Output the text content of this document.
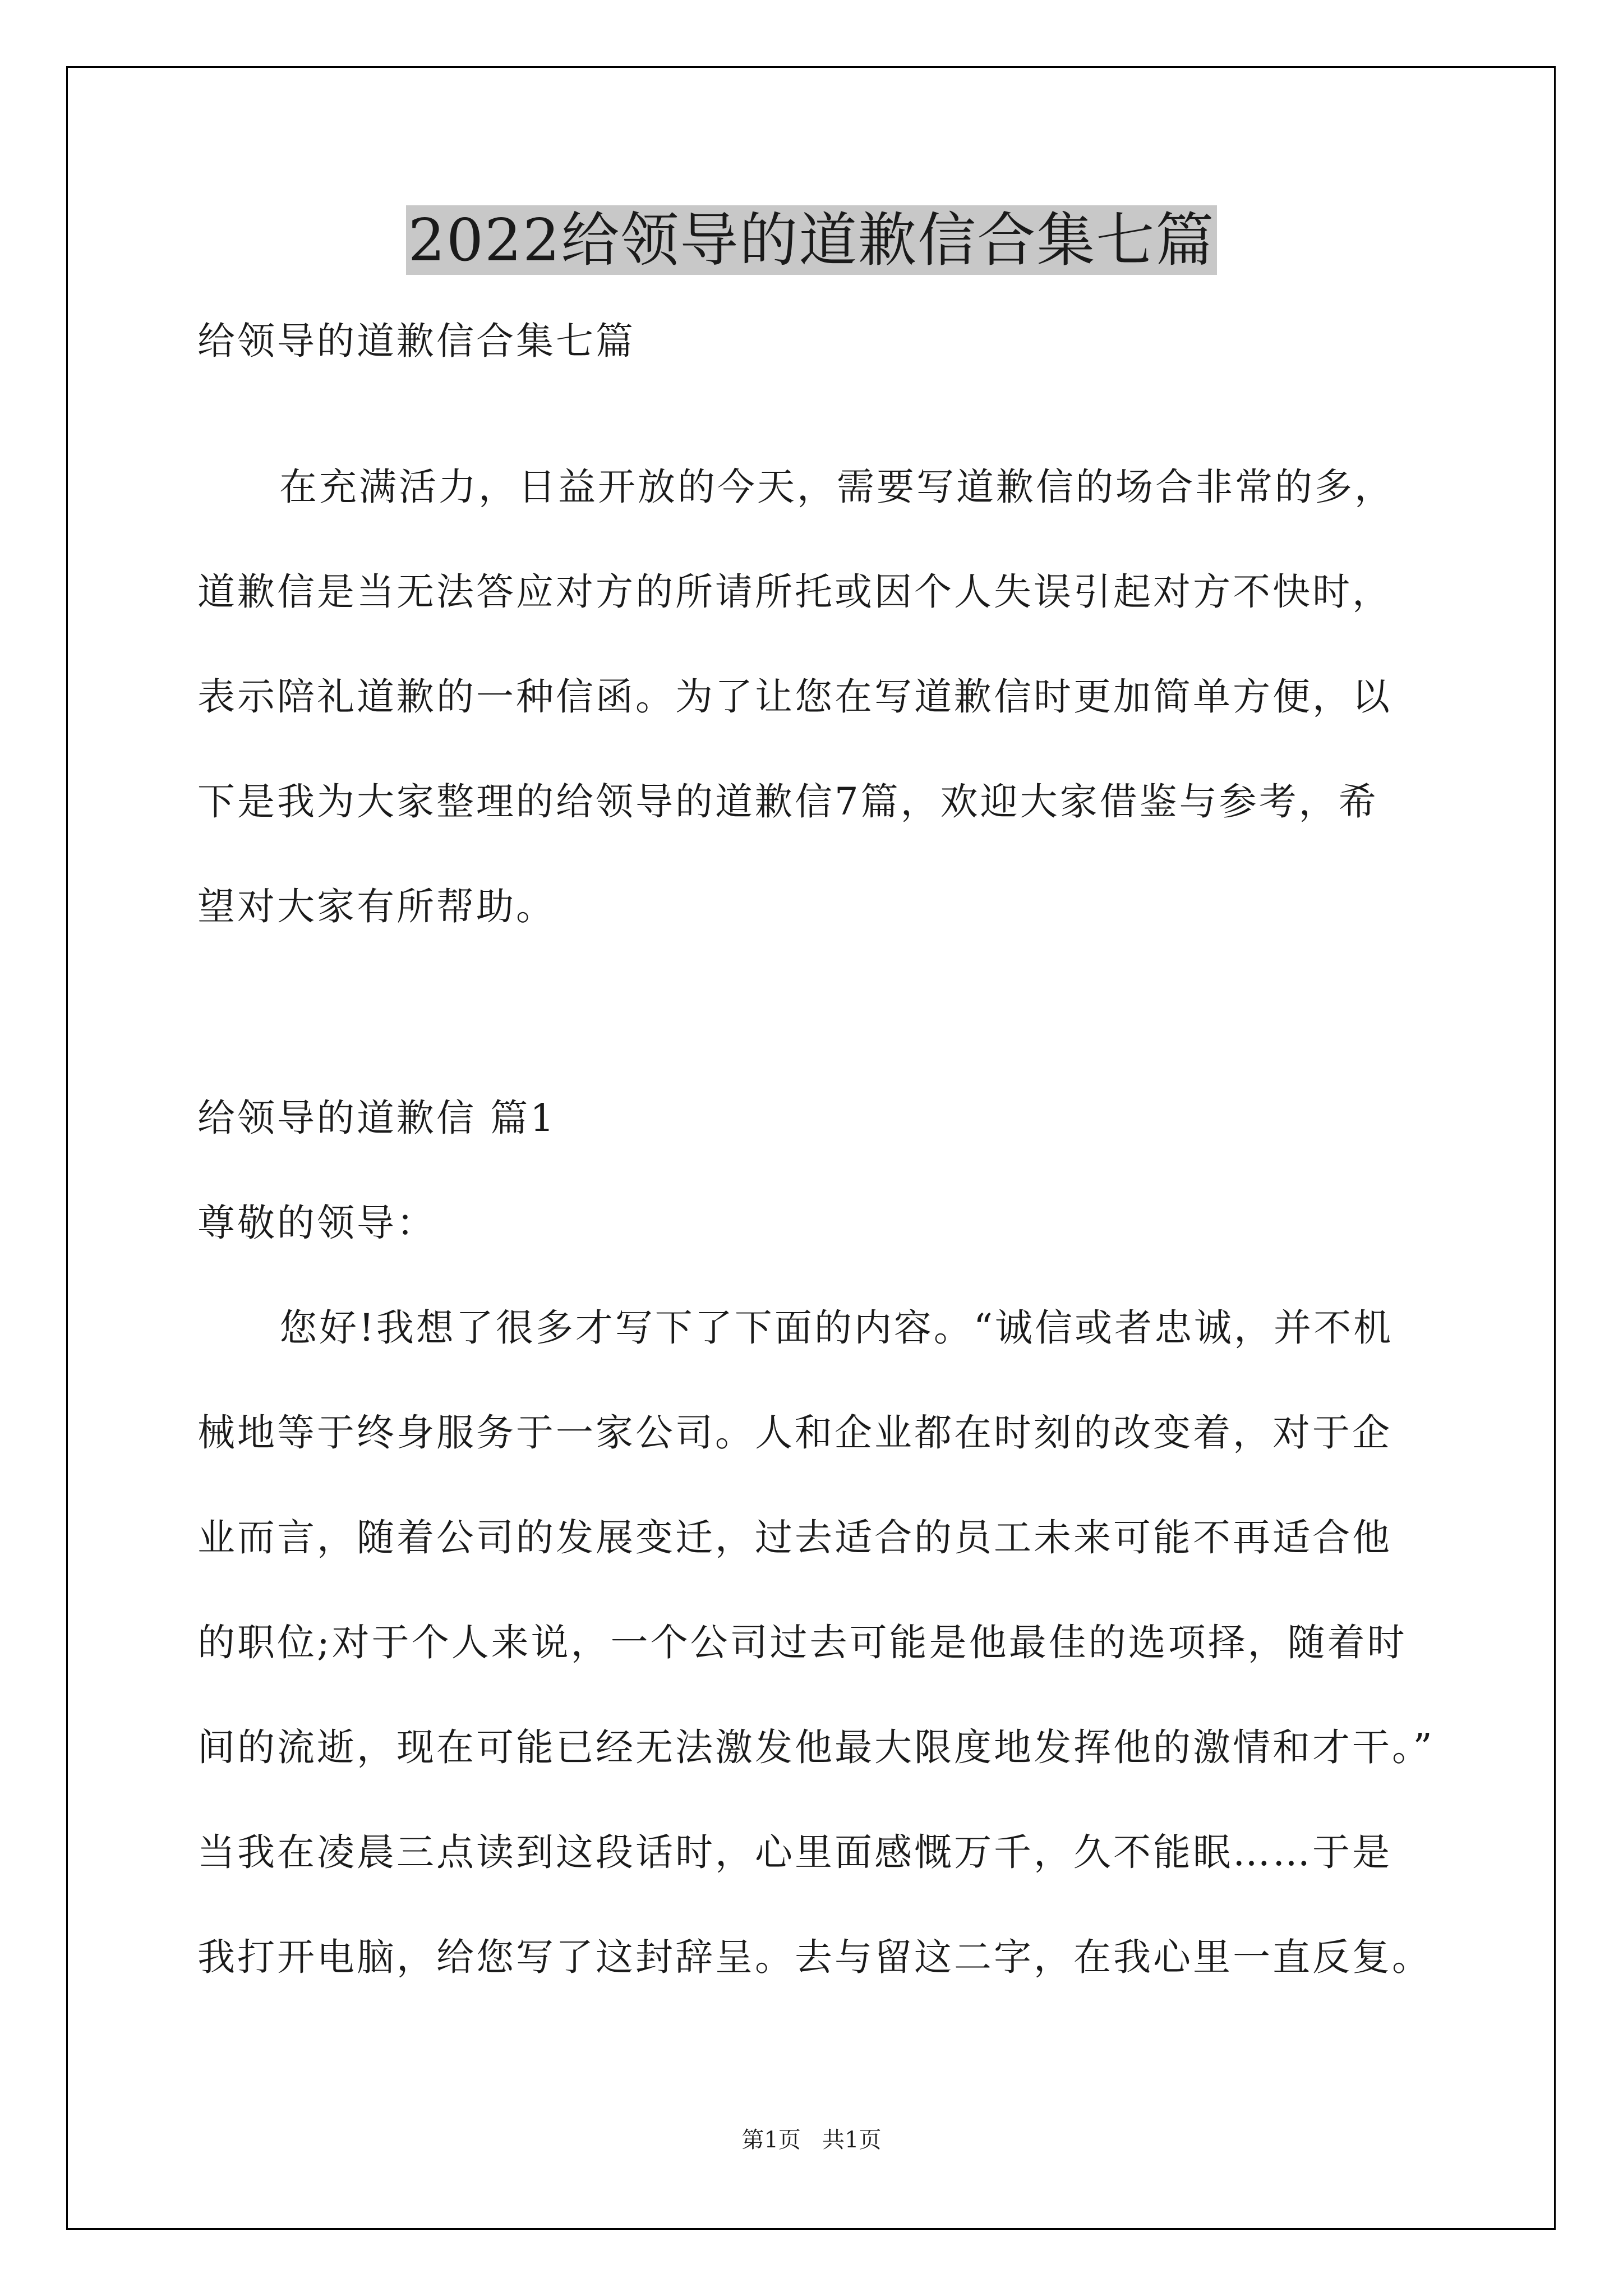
2022给领导的道歉信合集七篇

给领导的道歉信合集七篇

在充满活力，日益开放的今天，需要写道歉信的场合非常的多，

道歉信是当无法答应对方的所请所托或因个人失误引起对方不快时，

表示陪礼道歉的一种信函。为了让您在写道歉信时更加简单方便，以

下是我为大家整理的给领导的道歉信7篇，欢迎大家借鉴与参考，希

望对大家有所帮助。

给领导的道歉信 篇1

尊敬的领导：

您好!我想了很多才写下了下面的内容。“诚信或者忠诚，并不机

械地等于终身服务于一家公司。人和企业都在时刻的改变着，对于企

业而言，随着公司的发展变迁，过去适合的员工未来可能不再适合他

的职位;对于个人来说，一个公司过去可能是他最佳的选项择，随着时

间的流逝，现在可能已经无法激发他最大限度地发挥他的激情和才干。”

当我在凌晨三点读到这段话时，心里面感慨万千，久不能眠……于是

我打开电脑，给您写了这封辞呈。去与留这二字，在我心里一直反复。

第1页   共1页
